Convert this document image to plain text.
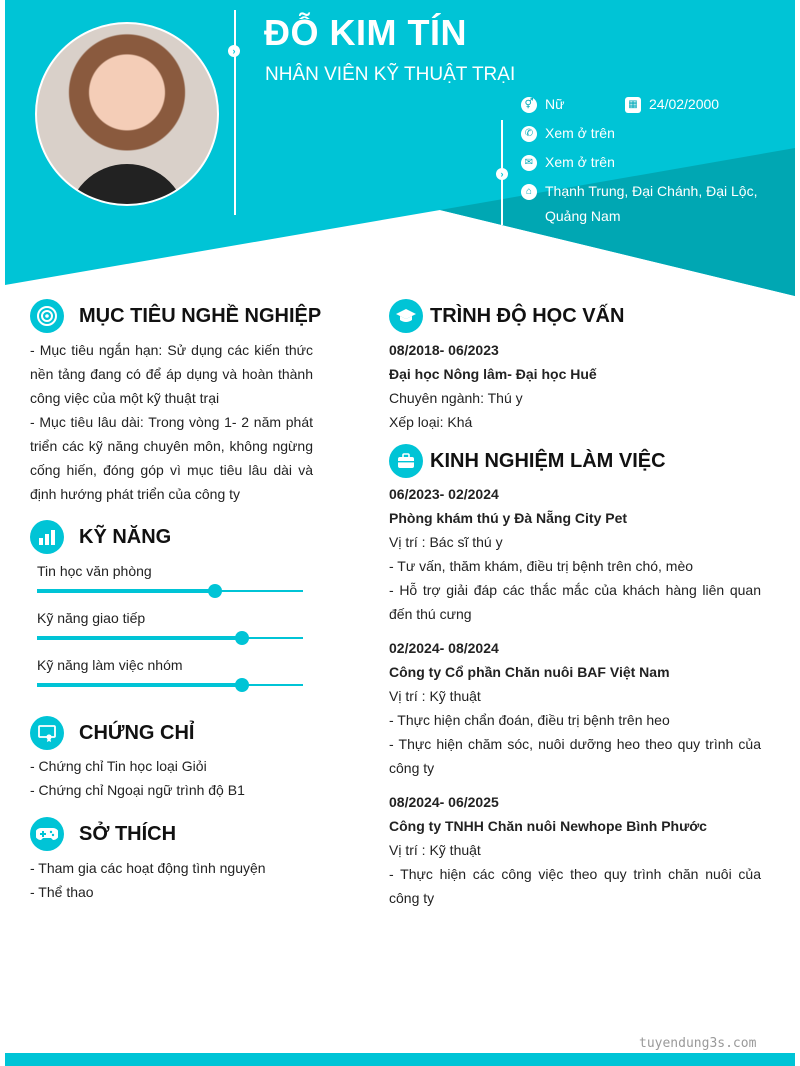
›
›
ĐỖ KIM TÍN
NHÂN VIÊN KỸ THUẬT TRẠI
⚥ Nữ	▦ 24/02/2000
✆ Xem ở trên
✉ Xem ở trên
⌂ Thạnh Trung, Đại Chánh, Đại Lộc,
Quảng Nam
MỤC TIÊU NGHỀ NGHIỆP
- Mục tiêu ngắn hạn: Sử dụng các kiến thức nền tảng đang có để áp dụng và hoàn thành công việc của một kỹ thuật trại
- Mục tiêu lâu dài: Trong vòng 1- 2 năm phát triển các kỹ năng chuyên môn, không ngừng cống hiến, đóng góp vì mục tiêu lâu dài và định hướng phát triển của công ty
KỸ NĂNG
Tin học văn phòng
Kỹ năng giao tiếp
Kỹ năng làm việc nhóm
CHỨNG CHỈ
- Chứng chỉ Tin học loại Giỏi
- Chứng chỉ Ngoại ngữ trình độ B1
SỞ THÍCH
- Tham gia các hoạt động tình nguyện
- Thể thao
TRÌNH ĐỘ HỌC VẤN
08/2018- 06/2023
Đại học Nông lâm- Đại học Huế
Chuyên ngành: Thú y
Xếp loại: Khá
KINH NGHIỆM LÀM VIỆC
06/2023- 02/2024
Phòng khám thú y Đà Nẵng City Pet
Vị trí : Bác sĩ thú y
- Tư vấn, thăm khám, điều trị bệnh trên chó, mèo
- Hỗ trợ giải đáp các thắc mắc của khách hàng liên quan đến thú cưng
02/2024- 08/2024
Công ty Cổ phần Chăn nuôi BAF Việt Nam
Vị trí : Kỹ thuật
- Thực hiện chẩn đoán, điều trị bệnh trên heo
- Thực hiện chăm sóc, nuôi dưỡng heo theo quy trình của công ty
08/2024- 06/2025
Công ty TNHH Chăn nuôi Newhope Bình Phước
Vị trí : Kỹ thuật
- Thực hiện các công việc theo quy trình chăn nuôi của công ty
tuyendung3s.com
